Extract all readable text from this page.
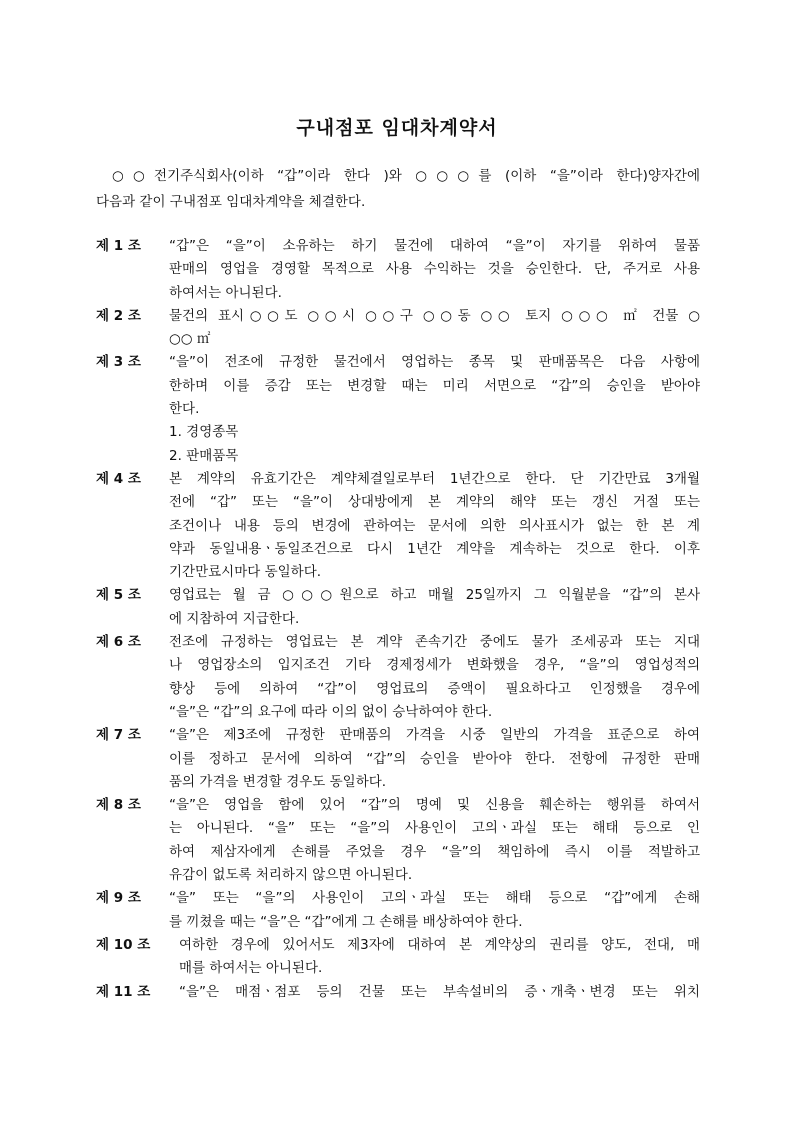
구내점포 임대차계약서
○○전기주식회사(이하 “갑”이라 한다 )와 ○○○를 (이하 “을”이라 한다)양자간에
다음과 같이 구내점포 임대차계약을 체결한다.
제 1 조 “갑”은 “을”이 소유하는 하기 물건에 대하여 “을”이 자기를 위하여 물품
판매의 영업을 경영할 목적으로 사용 수익하는 것을 승인한다. 단, 주거로 사용
하여서는 아니된다.
제 2 조 물건의 표시○○도 ○○시 ○○구 ○○동 ○○ 토지 ○○○ ㎡ 건물 ○
○○ ㎡
제 3 조 “을”이 전조에 규정한 물건에서 영업하는 종목 및 판매품목은 다음 사항에
한하며 이를 증감 또는 변경할 때는 미리 서면으로 “갑”의 승인을 받아야
한다.
1. 경영종목
2. 판매품목
제 4 조 본 계약의 유효기간은 계약체결일로부터 1년간으로 한다. 단 기간만료 3개월
전에 “갑” 또는 “을”이 상대방에게 본 계약의 해약 또는 갱신 거절 또는
조건이나 내용 등의 변경에 관하여는 문서에 의한 의사표시가 없는 한 본 계
약과 동일내용ㆍ동일조건으로 다시 1년간 계약을 계속하는 것으로 한다. 이후
기간만료시마다 동일하다.
제 5 조 영업료는 월 금 ○○○원으로 하고 매월 25일까지 그 익월분을 “갑”의 본사
에 지참하여 지급한다.
제 6 조 전조에 규정하는 영업료는 본 계약 존속기간 중에도 물가 조세공과 또는 지대
나 영업장소의 입지조건 기타 경제정세가 변화했을 경우, “을”의 영업성적의
향상 등에 의하여 “갑”이 영업료의 증액이 필요하다고 인정했을 경우에
“을”은 “갑”의 요구에 따라 이의 없이 승낙하여야 한다.
제 7 조 “을”은 제3조에 규정한 판매품의 가격을 시중 일반의 가격을 표준으로 하여
이를 정하고 문서에 의하여 “갑”의 승인을 받아야 한다. 전항에 규정한 판매
품의 가격을 변경할 경우도 동일하다.
제 8 조 “을”은 영업을 함에 있어 “갑”의 명예 및 신용을 훼손하는 행위를 하여서
는 아니된다. “을” 또는 “을”의 사용인이 고의ㆍ과실 또는 해태 등으로 인
하여 제삼자에게 손해를 주었을 경우 “을”의 책임하에 즉시 이를 적발하고
유감이 없도록 처리하지 않으면 아니된다.
제 9 조 “을” 또는 “을”의 사용인이 고의ㆍ과실 또는 해태 등으로 “갑”에게 손해
를 끼쳤을 때는 “을”은 “갑”에게 그 손해를 배상하여야 한다.
제 10 조 여하한 경우에 있어서도 제3자에 대하여 본 계약상의 권리를 양도, 전대, 매
매를 하여서는 아니된다.
제 11 조 “을”은 매점ㆍ점포 등의 건물 또는 부속설비의 증ㆍ개축ㆍ변경 또는 위치
